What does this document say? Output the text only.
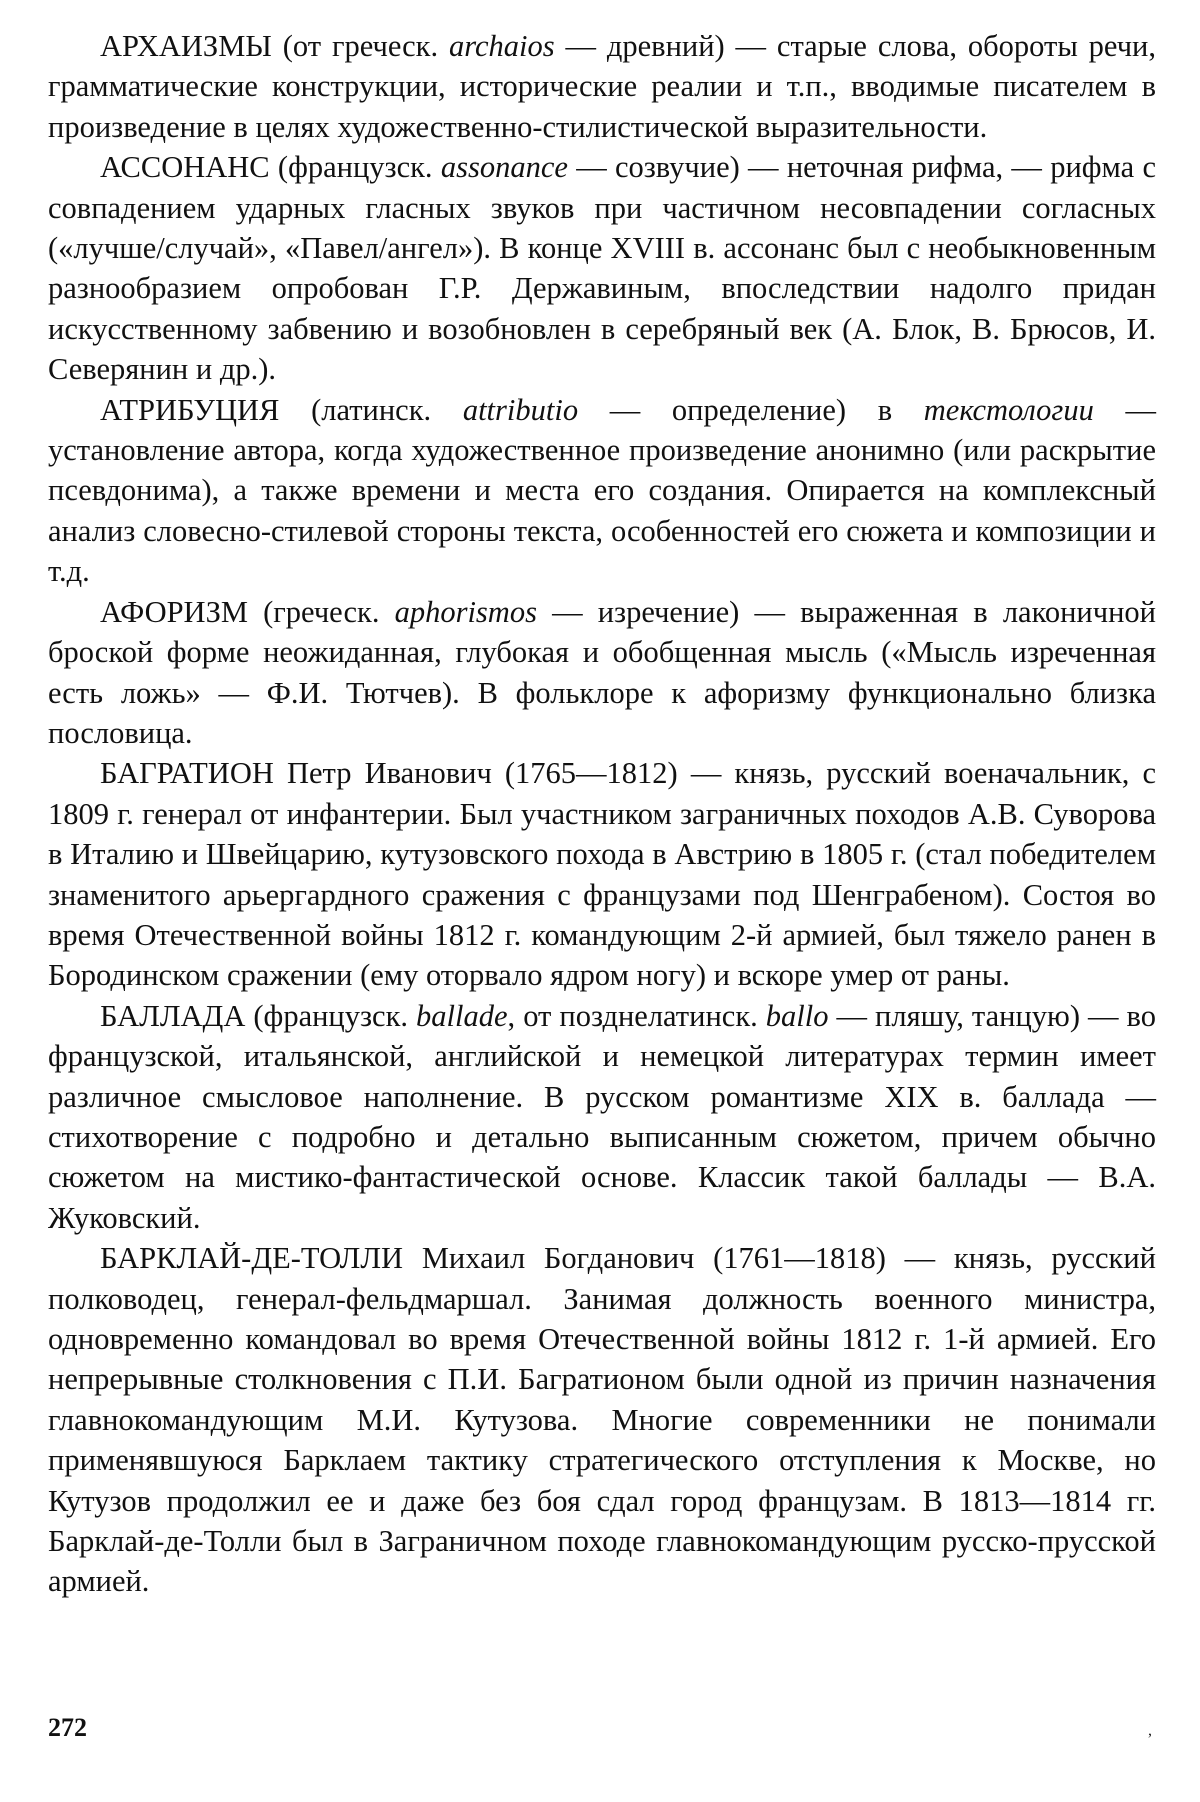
АРХАИЗМЫ (от греческ. archaios — древний) — старые слова, обороты речи, грамматические конструкции, исторические реалии и т.п., вводимые писателем в произведение в целях художественно-стилистической выразительности.

АССОНАНС (французск. assonance — созвучие) — неточная рифма, — рифма с совпадением ударных гласных звуков при частичном несовпадении согласных («лучше/случай», «Павел/ангел»). В конце XVIII в. ассонанс был с необыкновенным разнообразием опробован Г.Р. Державиным, впоследствии надолго придан искусственному забвению и возобновлен в серебряный век (А. Блок, В. Брюсов, И. Северянин и др.).

АТРИБУЦИЯ (латинск. attributio — определение) в текстологии — установление автора, когда художественное произведение анонимно (или раскрытие псевдонима), а также времени и места его создания. Опирается на комплексный анализ словесно-стилевой стороны текста, особенностей его сюжета и композиции и т.д.

АФОРИЗМ (греческ. aphorismos — изречение) — выраженная в лаконичной броской форме неожиданная, глубокая и обобщенная мысль («Мысль изреченная есть ложь» — Ф.И. Тютчев). В фольклоре к афоризму функционально близка пословица.

БАГРАТИОН Петр Иванович (1765—1812) — князь, русский военачальник, с 1809 г. генерал от инфантерии. Был участником заграничных походов А.В. Суворова в Италию и Швейцарию, кутузовского похода в Австрию в 1805 г. (стал победителем знаменитого арьергардного сражения с французами под Шенграбеном). Состоя во время Отечественной войны 1812 г. командующим 2-й армией, был тяжело ранен в Бородинском сражении (ему оторвало ядром ногу) и вскоре умер от раны.

БАЛЛАДА (французск. ballade, от позднелатинск. ballo — пляшу, танцую) — во французской, итальянской, английской и немецкой литературах термин имеет различное смысловое наполнение. В русском романтизме XIX в. баллада — стихотворение с подробно и детально выписанным сюжетом, причем обычно сюжетом на мистико-фантастической основе. Классик такой баллады — В.А. Жуковский.

БАРКЛАЙ-ДЕ-ТОЛЛИ Михаил Богданович (1761—1818) — князь, русский полководец, генерал-фельдмаршал. Занимая должность военного министра, одновременно командовал во время Отечественной войны 1812 г. 1-й армией. Его непрерывные столкновения с П.И. Багратионом были одной из причин назначения главнокомандующим М.И. Кутузова. Многие современники не понимали применявшуюся Барклаем тактику стратегического отступления к Москве, но Кутузов продолжил ее и даже без боя сдал город французам. В 1813—1814 гг. Барклай-де-Толли был в Заграничном походе главнокомандующим русско-прусской армией.

272	,
